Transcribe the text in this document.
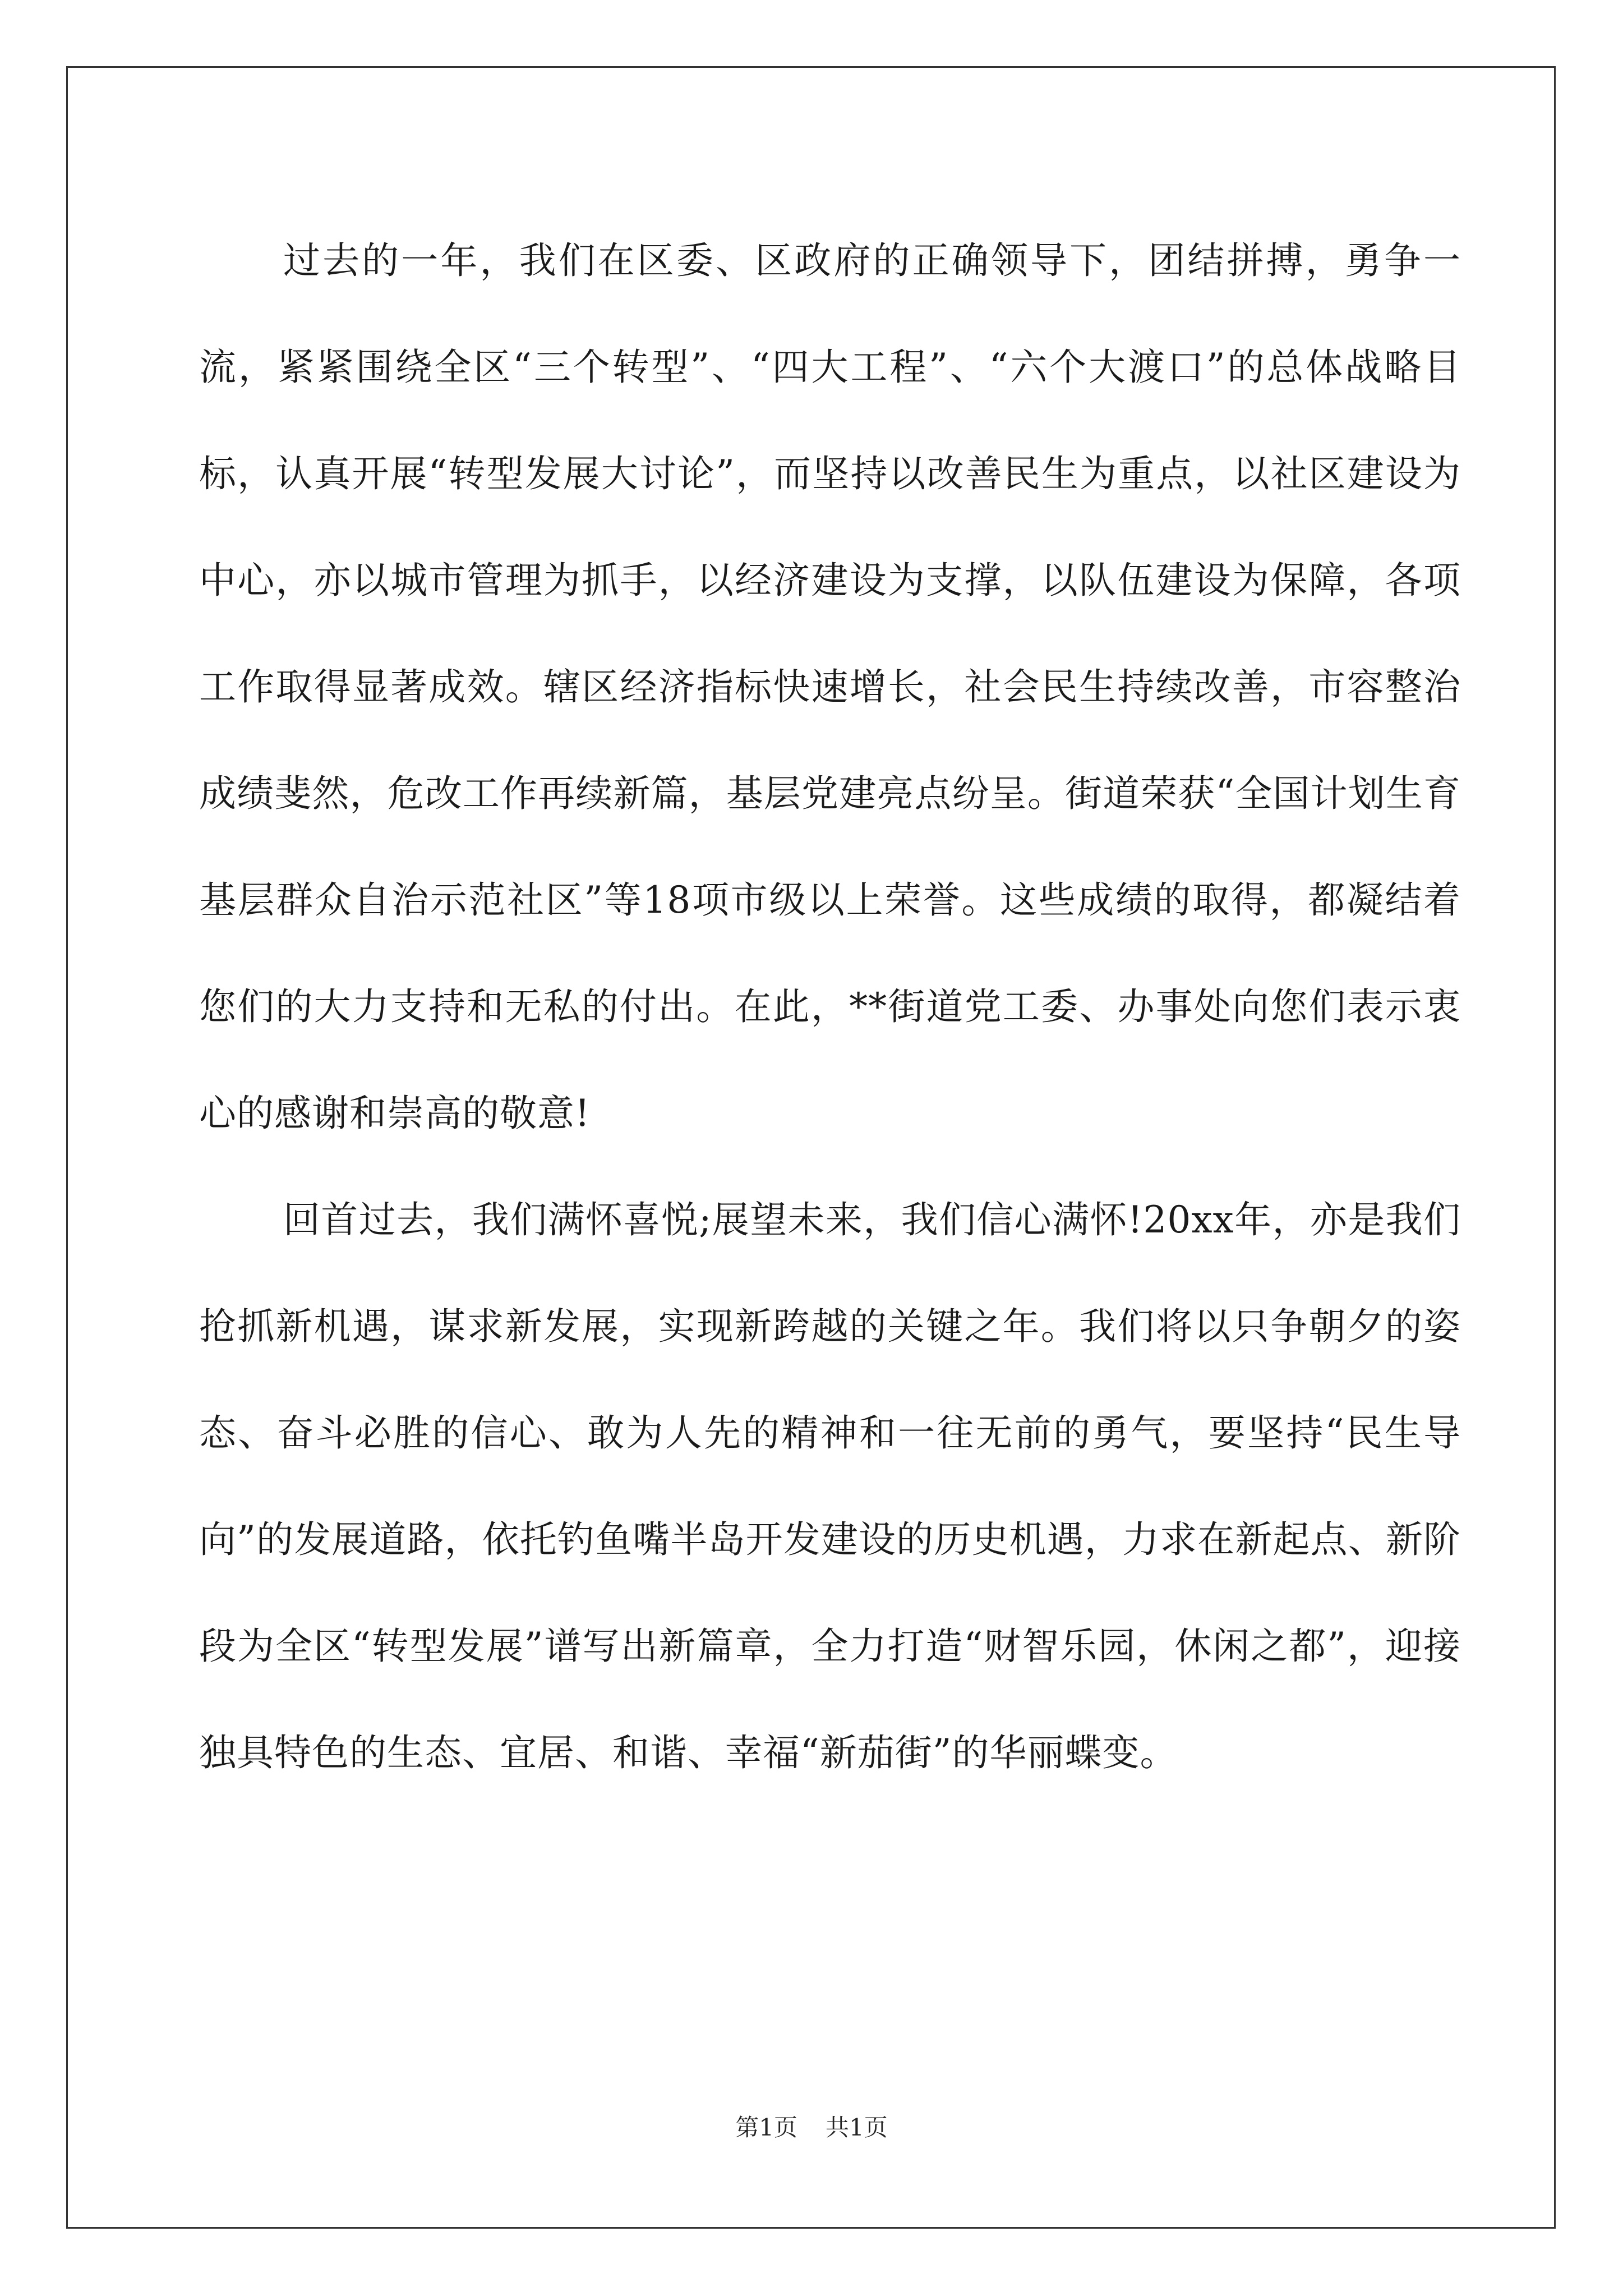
过去的一年，我们在区委、区政府的正确领导下，团结拼搏，勇争一流，紧紧围绕全区“三个转型”、“四大工程”、“六个大渡口”的总体战略目标，认真开展“转型发展大讨论”，而坚持以改善民生为重点，以社区建设为中心，亦以城市管理为抓手，以经济建设为支撑，以队伍建设为保障，各项工作取得显著成效。辖区经济指标快速增长，社会民生持续改善，市容整治成绩斐然，危改工作再续新篇，基层党建亮点纷呈。街道荣获“全国计划生育基层群众自治示范社区”等18项市级以上荣誉。这些成绩的取得，都凝结着您们的大力支持和无私的付出。在此，**街道党工委、办事处向您们表示衷心的感谢和崇高的敬意!

回首过去，我们满怀喜悦;展望未来，我们信心满怀!20xx年，亦是我们抢抓新机遇，谋求新发展，实现新跨越的关键之年。我们将以只争朝夕的姿态、奋斗必胜的信心、敢为人先的精神和一往无前的勇气，要坚持“民生导向”的发展道路，依托钓鱼嘴半岛开发建设的历史机遇，力求在新起点、新阶段为全区“转型发展”谱写出新篇章，全力打造“财智乐园，休闲之都”，迎接独具特色的生态、宜居、和谐、幸福“新茄街”的华丽蝶变。

第1页 共1页
